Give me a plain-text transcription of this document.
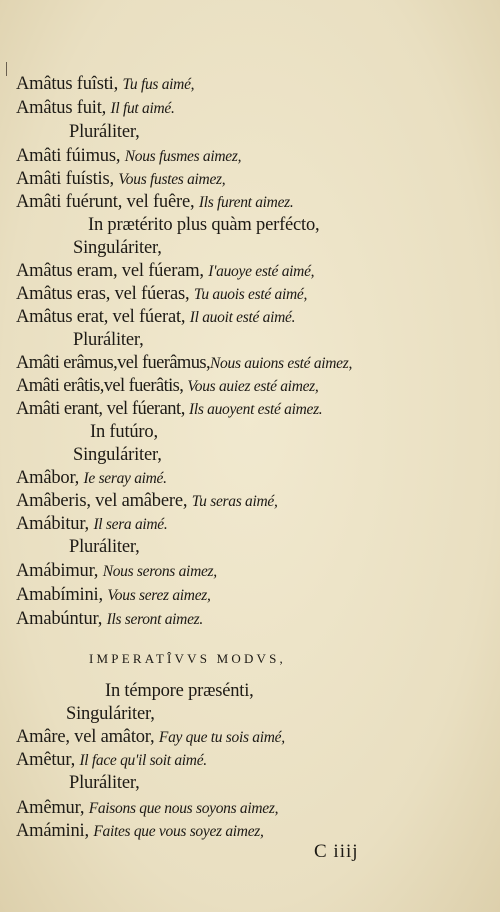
Amâtus fuîsti, Tu fus aimé,
Amâtus fuit, Il fut aimé.
Pluráliter,
Amâti fúimus, Nous fusmes aimez,
Amâti fuístis, Vous fustes aimez,
Amâti fuérunt, vel fuêre, Ils furent aimez.
In prætérito plus quàm perfécto,
Singuláriter,
Amâtus eram, vel fúeram, I'auoye esté aimé,
Amâtus eras, vel fúeras, Tu auois esté aimé,
Amâtus erat, vel fúerat, Il auoit esté aimé.
Pluráliter,
Amâti erâmus,vel fuerâmus,Nous auions esté aimez,
Amâti erâtis,vel fuerâtis, Vous auiez esté aimez,
Amâti erant, vel fúerant, Ils auoyent esté aimez.
In futúro,
Singuláriter,
Amâbor, Ie seray aimé.
Amâberis, vel amâbere, Tu seras aimé,
Amábitur, Il sera aimé.
Pluráliter,
Amábimur, Nous serons aimez,
Amabímini, Vous serez aimez,
Amabúntur, Ils seront aimez.
IMPERATÎVVS MODVS,
In témpore præsénti,
Singuláriter,
Amâre, vel amâtor, Fay que tu sois aimé,
Amêtur, Il face qu'il soit aimé.
Pluráliter,
Amêmur, Faisons que nous soyons aimez,
Amámini, Faites que vous soyez aimez,
C iiij
